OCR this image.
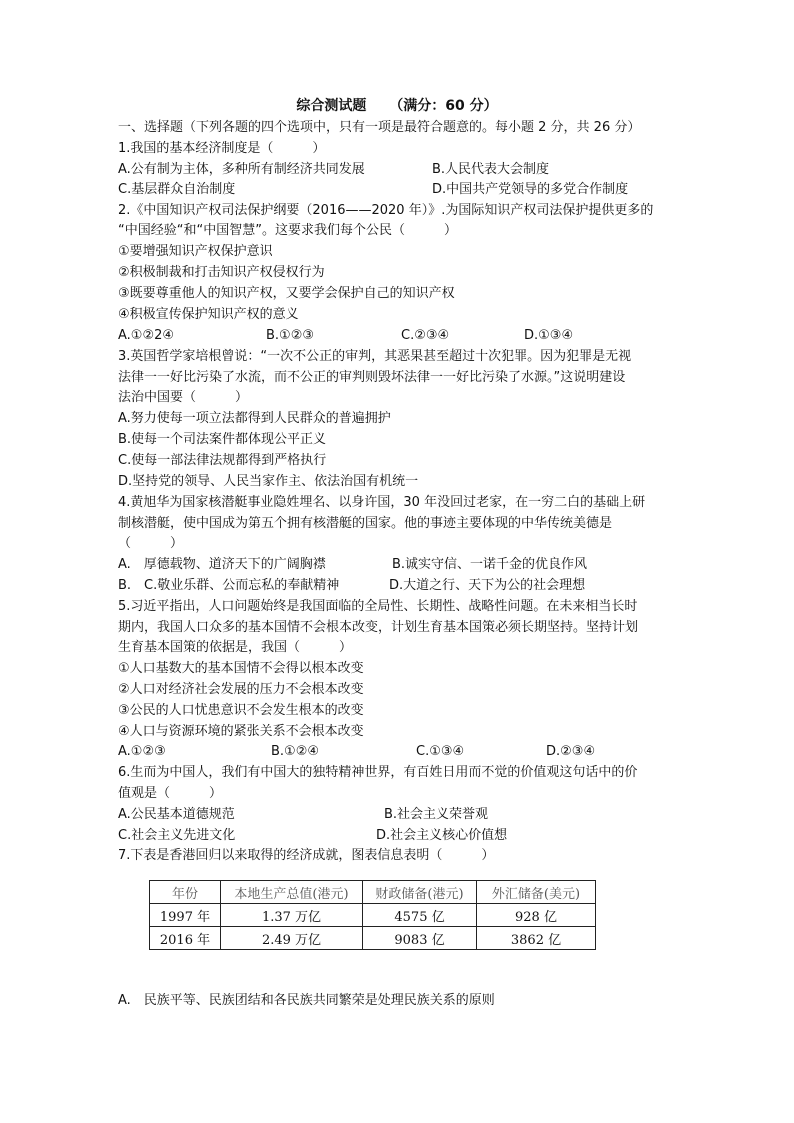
综合测试题 （满分：60 分）
一、选择题（下列各题的四个选项中，只有一项是最符合题意的。每小题 2 分，共 26 分）
1.我国的基本经济制度是（　　　）
A.公有制为主体，多种所有制经济共同发展	B.人民代表大会制度
C.基层群众自治制度	D.中国共产党领导的多党合作制度
2.《中国知识产权司法保护纲要（2016——2020 年）》.为国际知识产权司法保护提供更多的
“中国经验“和“中国智慧”。这要求我们每个公民（　　　）
①要增强知识产权保护意识
②积极制裁和打击知识产权侵权行为
③既要尊重他人的知识产权，又要学会保护自己的知识产权
④积极宣传保护知识产权的意义
A.①②2④	B.①②③	C.②③④	D.①③④
3.英国哲学家培根曾说：“一次不公正的审判，其恶果甚至超过十次犯罪。因为犯罪是无视
法律一一好比污染了水流，而不公正的审判则毁坏法律一一好比污染了水源。”这说明建设
法治中国要（　　　）
A.努力使每一项立法都得到人民群众的普遍拥护
B.使每一个司法案件都体现公平正义
C.使每一部法律法规都得到严格执行
D.坚持党的领导、人民当家作主、依法治国有机统一
4.黄旭华为国家核潜艇事业隐姓埋名、以身许国，30 年没回过老家，在一穷二白的基础上研
制核潜艇，使中国成为第五个拥有核潜艇的国家。他的事迹主要体现的中华传统美德是
（　　　）
A.　厚德载物、道济天下的广阔胸襟	B.诚实守信、一诺千金的优良作风
B.　C.敬业乐群、公而忘私的奉献精神	D.大道之行、天下为公的社会理想
5.习近平指出，人口问题始终是我国面临的全局性、长期性、战略性问题。在未来相当长时
期内，我国人口众多的基本国情不会根本改变，计划生育基本国策必须长期坚持。坚持计划
生育基本国策的依据是，我国（　　　）
①人口基数大的基本国情不会得以根本改变
②人口对经济社会发展的压力不会根本改变
③公民的人口忧患意识不会发生根本的改变
④人口与资源环境的紧张关系不会根本改变
A.①②③	B.①②④	C.①③④	D.②③④
6.生而为中国人，我们有中国大的独特精神世界，有百姓日用而不觉的价值观这句话中的价
值观是（　　　）
A.公民基本道德规范	B.社会主义荣誉观
C.社会主义先进文化	D.社会主义核心价值想
7.下表是香港回归以来取得的经济成就，图表信息表明（　　　）
年份	本地生产总值(港元)	财政储备(港元)	外汇储备(美元)
1997 年	1.37 万亿	4575 亿	928 亿
2016 年	2.49 万亿	9083 亿	3862 亿
A.　民族平等、民族团结和各民族共同繁荣是处理民族关系的原则
